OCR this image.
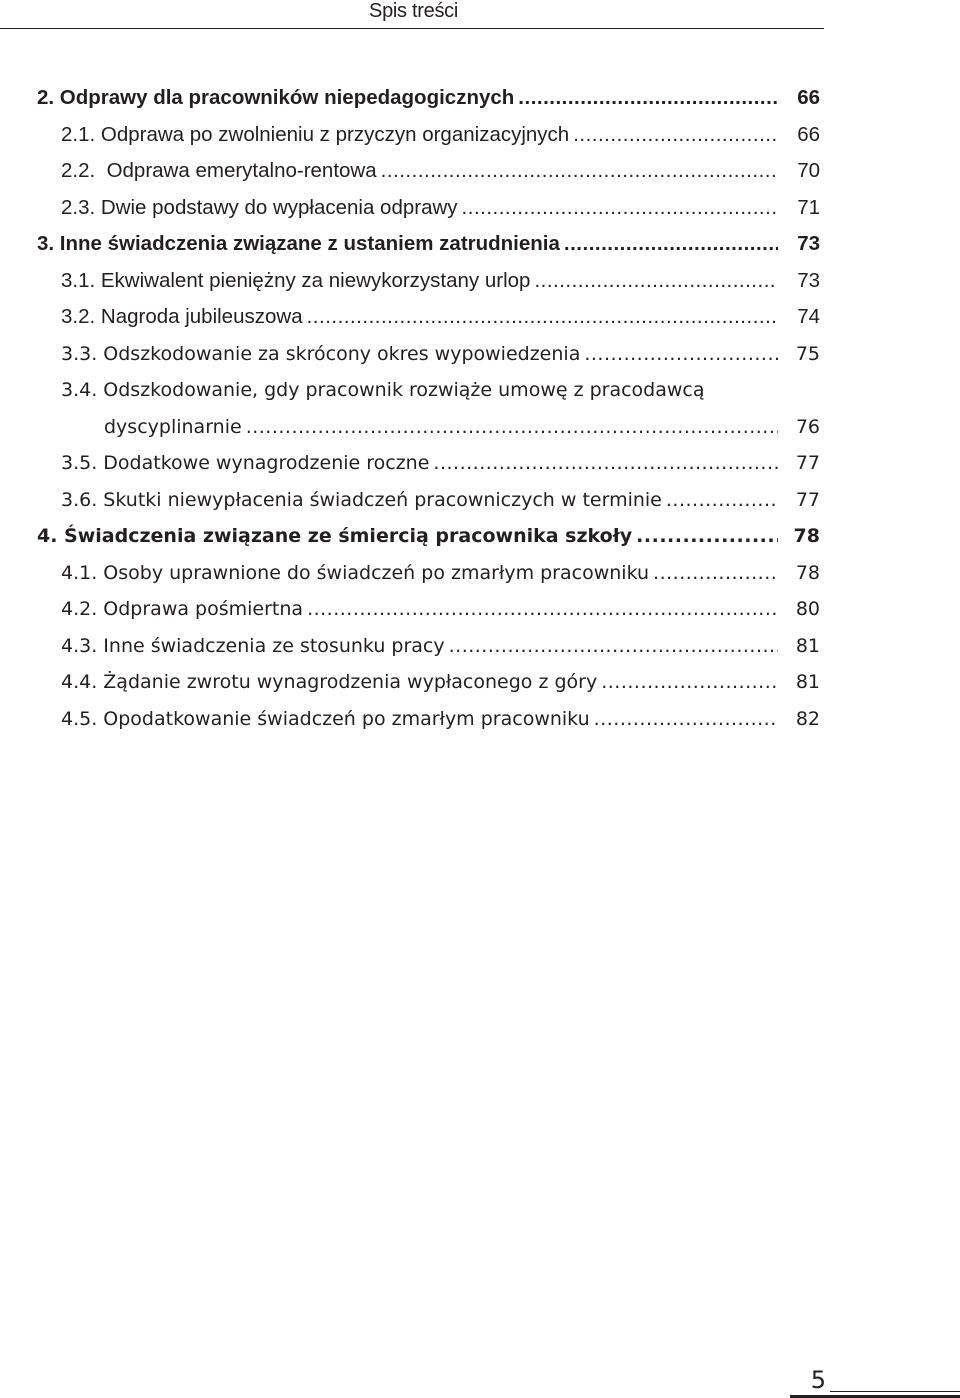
Spis treści
2. Odprawy dla pracowników niepedagogicznych .....	66
2.1. Odprawa po zwolnieniu z przyczyn organizacyjnych .....	66
2.2.  Odprawa emerytalno-rentowa .....	70
2.3. Dwie podstawy do wypłacenia odprawy .....	71
3. Inne świadczenia związane z ustaniem zatrudnienia .....	73
3.1. Ekwiwalent pieniężny za niewykorzystany urlop .....	73
3.2. Nagroda jubileuszowa .....	74
3.3. Odszkodowanie za skrócony okres wypowiedzenia .....	75
3.4. Odszkodowanie, gdy pracownik rozwiąże umowę z pracodawcą
dyscyplinarnie .....	76
3.5. Dodatkowe wynagrodzenie roczne .....	77
3.6. Skutki niewypłacenia świadczeń pracowniczych w terminie .....	77
4. Świadczenia związane ze śmiercią pracownika szkoły .....	78
4.1. Osoby uprawnione do świadczeń po zmarłym pracowniku .....	78
4.2. Odprawa pośmiertna .....	80
4.3. Inne świadczenia ze stosunku pracy .....	81
4.4. Żądanie zwrotu wynagrodzenia wypłaconego z góry .....	81
4.5. Opodatkowanie świadczeń po zmarłym pracowniku .....	82
5
